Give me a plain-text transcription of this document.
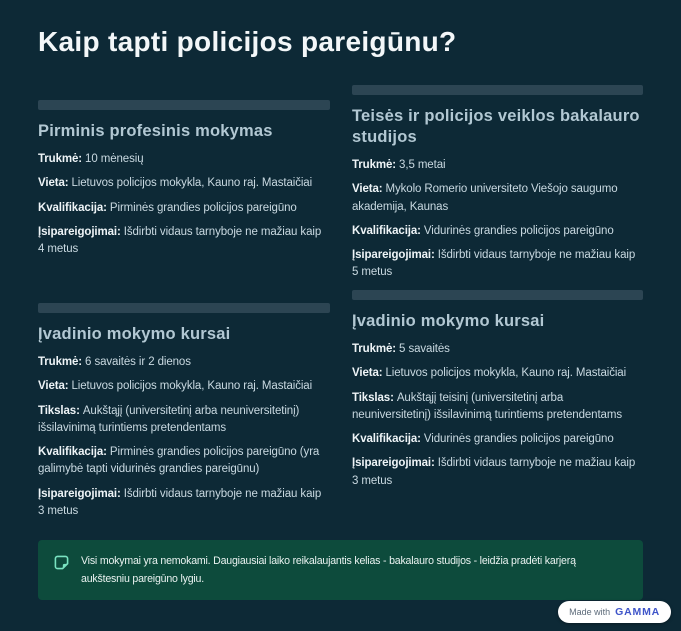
Kaip tapti policijos pareigūnu?
Pirminis profesinis mokymas

Trukmė: 10 mėnesių

Vieta: Lietuvos policijos mokykla, Kauno raj. Mastaičiai

Kvalifikacija: Pirminės grandies policijos pareigūno

Įsipareigojimai: Išdirbti vidaus tarnyboje ne mažiau kaip 4 metus

Teisės ir policijos veiklos bakalauro studijos

Trukmė: 3,5 metai

Vieta: Mykolo Romerio universiteto Viešojo saugumo akademija, Kaunas

Kvalifikacija: Vidurinės grandies policijos pareigūno

Įsipareigojimai: Išdirbti vidaus tarnyboje ne mažiau kaip 5 metus

Įvadinio mokymo kursai

Trukmė: 6 savaitės ir 2 dienos

Vieta: Lietuvos policijos mokykla, Kauno raj. Mastaičiai

Tikslas: Aukštąjį (universitetinį arba neuniversitetinį) išsilavinimą turintiems pretendentams

Kvalifikacija: Pirminės grandies policijos pareigūno (yra galimybė tapti vidurinės grandies pareigūnu)

Įsipareigojimai: Išdirbti vidaus tarnyboje ne mažiau kaip 3 metus

Įvadinio mokymo kursai

Trukmė: 5 savaitės

Vieta: Lietuvos policijos mokykla, Kauno raj. Mastaičiai

Tikslas: Aukštąjį teisinį (universitetinį arba neuniversitetinį) išsilavinimą turintiems pretendentams

Kvalifikacija: Vidurinės grandies policijos pareigūno

Įsipareigojimai: Išdirbti vidaus tarnyboje ne mažiau kaip 3 metus

Visi mokymai yra nemokami. Daugiausiai laiko reikalaujantis kelias - bakalauro studijos - leidžia pradėti karjerą aukštesniu pareigūno lygiu.
Made with GAMMA
